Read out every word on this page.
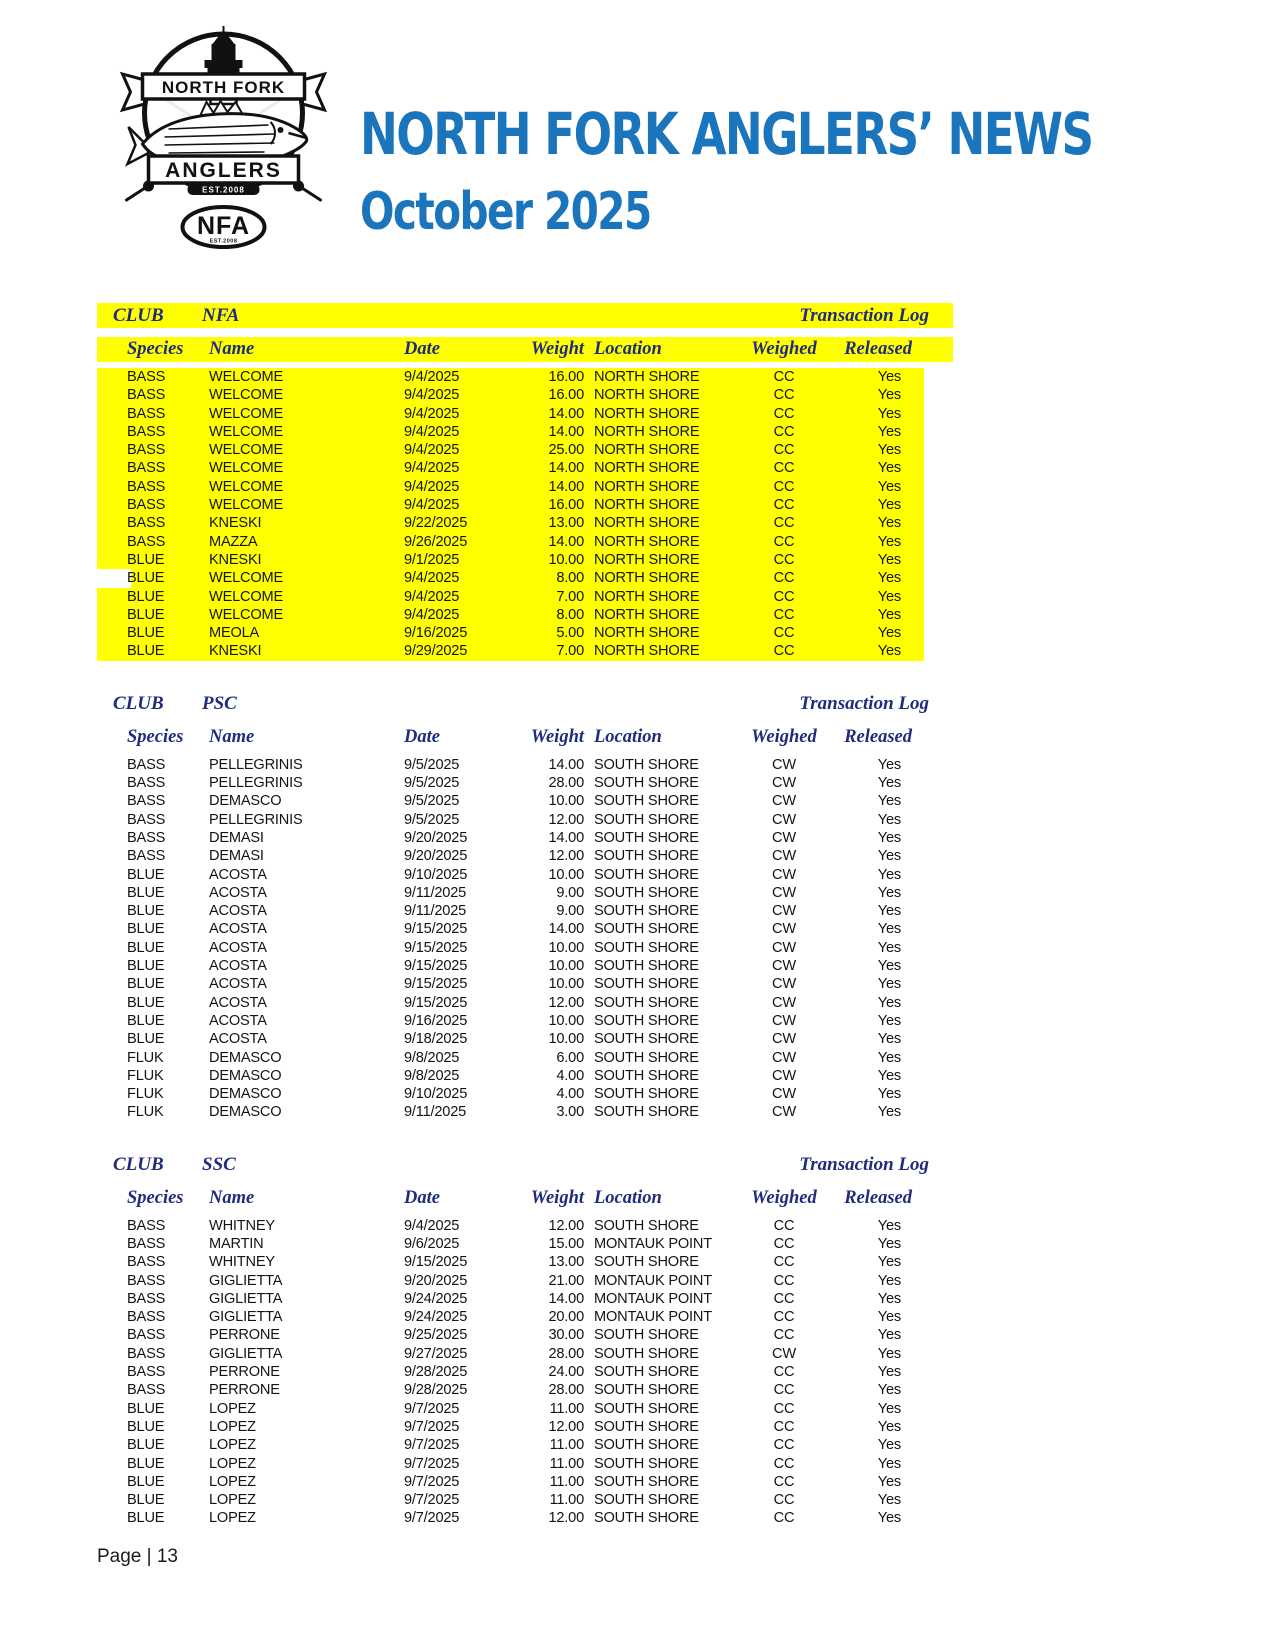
NORTH FORK
ANGLERS
EST.2008
NFA
EST.2008
NORTH FORK ANGLERS’ NEWS
October 2025
CLUB	NFA	Transaction Log
Species	Name	Date	Weight Location	Weighed	Released
BASS	WELCOME	9/4/2025	16.00 NORTH SHORE	CC	Yes
BASS	WELCOME	9/4/2025	16.00 NORTH SHORE	CC	Yes
BASS	WELCOME	9/4/2025	14.00 NORTH SHORE	CC	Yes
BASS	WELCOME	9/4/2025	14.00 NORTH SHORE	CC	Yes
BASS	WELCOME	9/4/2025	25.00 NORTH SHORE	CC	Yes
BASS	WELCOME	9/4/2025	14.00 NORTH SHORE	CC	Yes
BASS	WELCOME	9/4/2025	14.00 NORTH SHORE	CC	Yes
BASS	WELCOME	9/4/2025	16.00 NORTH SHORE	CC	Yes
BASS	KNESKI	9/22/2025	13.00 NORTH SHORE	CC	Yes
BASS	MAZZA	9/26/2025	14.00 NORTH SHORE	CC	Yes
BLUE	KNESKI	9/1/2025	10.00 NORTH SHORE	CC	Yes
BLUE	WELCOME	9/4/2025	8.00 NORTH SHORE	CC	Yes
BLUE	WELCOME	9/4/2025	7.00 NORTH SHORE	CC	Yes
BLUE	WELCOME	9/4/2025	8.00 NORTH SHORE	CC	Yes
BLUE	MEOLA	9/16/2025	5.00 NORTH SHORE	CC	Yes
BLUE	KNESKI	9/29/2025	7.00 NORTH SHORE	CC	Yes
CLUB	PSC	Transaction Log
Species	Name	Date	Weight Location	Weighed	Released
BASS	PELLEGRINIS	9/5/2025	14.00 SOUTH SHORE	CW	Yes
BASS	PELLEGRINIS	9/5/2025	28.00 SOUTH SHORE	CW	Yes
BASS	DEMASCO	9/5/2025	10.00 SOUTH SHORE	CW	Yes
BASS	PELLEGRINIS	9/5/2025	12.00 SOUTH SHORE	CW	Yes
BASS	DEMASI	9/20/2025	14.00 SOUTH SHORE	CW	Yes
BASS	DEMASI	9/20/2025	12.00 SOUTH SHORE	CW	Yes
BLUE	ACOSTA	9/10/2025	10.00 SOUTH SHORE	CW	Yes
BLUE	ACOSTA	9/11/2025	9.00 SOUTH SHORE	CW	Yes
BLUE	ACOSTA	9/11/2025	9.00 SOUTH SHORE	CW	Yes
BLUE	ACOSTA	9/15/2025	14.00 SOUTH SHORE	CW	Yes
BLUE	ACOSTA	9/15/2025	10.00 SOUTH SHORE	CW	Yes
BLUE	ACOSTA	9/15/2025	10.00 SOUTH SHORE	CW	Yes
BLUE	ACOSTA	9/15/2025	10.00 SOUTH SHORE	CW	Yes
BLUE	ACOSTA	9/15/2025	12.00 SOUTH SHORE	CW	Yes
BLUE	ACOSTA	9/16/2025	10.00 SOUTH SHORE	CW	Yes
BLUE	ACOSTA	9/18/2025	10.00 SOUTH SHORE	CW	Yes
FLUK	DEMASCO	9/8/2025	6.00 SOUTH SHORE	CW	Yes
FLUK	DEMASCO	9/8/2025	4.00 SOUTH SHORE	CW	Yes
FLUK	DEMASCO	9/10/2025	4.00 SOUTH SHORE	CW	Yes
FLUK	DEMASCO	9/11/2025	3.00 SOUTH SHORE	CW	Yes
CLUB	SSC	Transaction Log
Species	Name	Date	Weight Location	Weighed	Released
BASS	WHITNEY	9/4/2025	12.00 SOUTH SHORE	CC	Yes
BASS	MARTIN	9/6/2025	15.00 MONTAUK POINT	CC	Yes
BASS	WHITNEY	9/15/2025	13.00 SOUTH SHORE	CC	Yes
BASS	GIGLIETTA	9/20/2025	21.00 MONTAUK POINT	CC	Yes
BASS	GIGLIETTA	9/24/2025	14.00 MONTAUK POINT	CC	Yes
BASS	GIGLIETTA	9/24/2025	20.00 MONTAUK POINT	CC	Yes
BASS	PERRONE	9/25/2025	30.00 SOUTH SHORE	CC	Yes
BASS	GIGLIETTA	9/27/2025	28.00 SOUTH SHORE	CW	Yes
BASS	PERRONE	9/28/2025	24.00 SOUTH SHORE	CC	Yes
BASS	PERRONE	9/28/2025	28.00 SOUTH SHORE	CC	Yes
BLUE	LOPEZ	9/7/2025	11.00 SOUTH SHORE	CC	Yes
BLUE	LOPEZ	9/7/2025	12.00 SOUTH SHORE	CC	Yes
BLUE	LOPEZ	9/7/2025	11.00 SOUTH SHORE	CC	Yes
BLUE	LOPEZ	9/7/2025	11.00 SOUTH SHORE	CC	Yes
BLUE	LOPEZ	9/7/2025	11.00 SOUTH SHORE	CC	Yes
BLUE	LOPEZ	9/7/2025	11.00 SOUTH SHORE	CC	Yes
BLUE	LOPEZ	9/7/2025	12.00 SOUTH SHORE	CC	Yes
Page | 13
